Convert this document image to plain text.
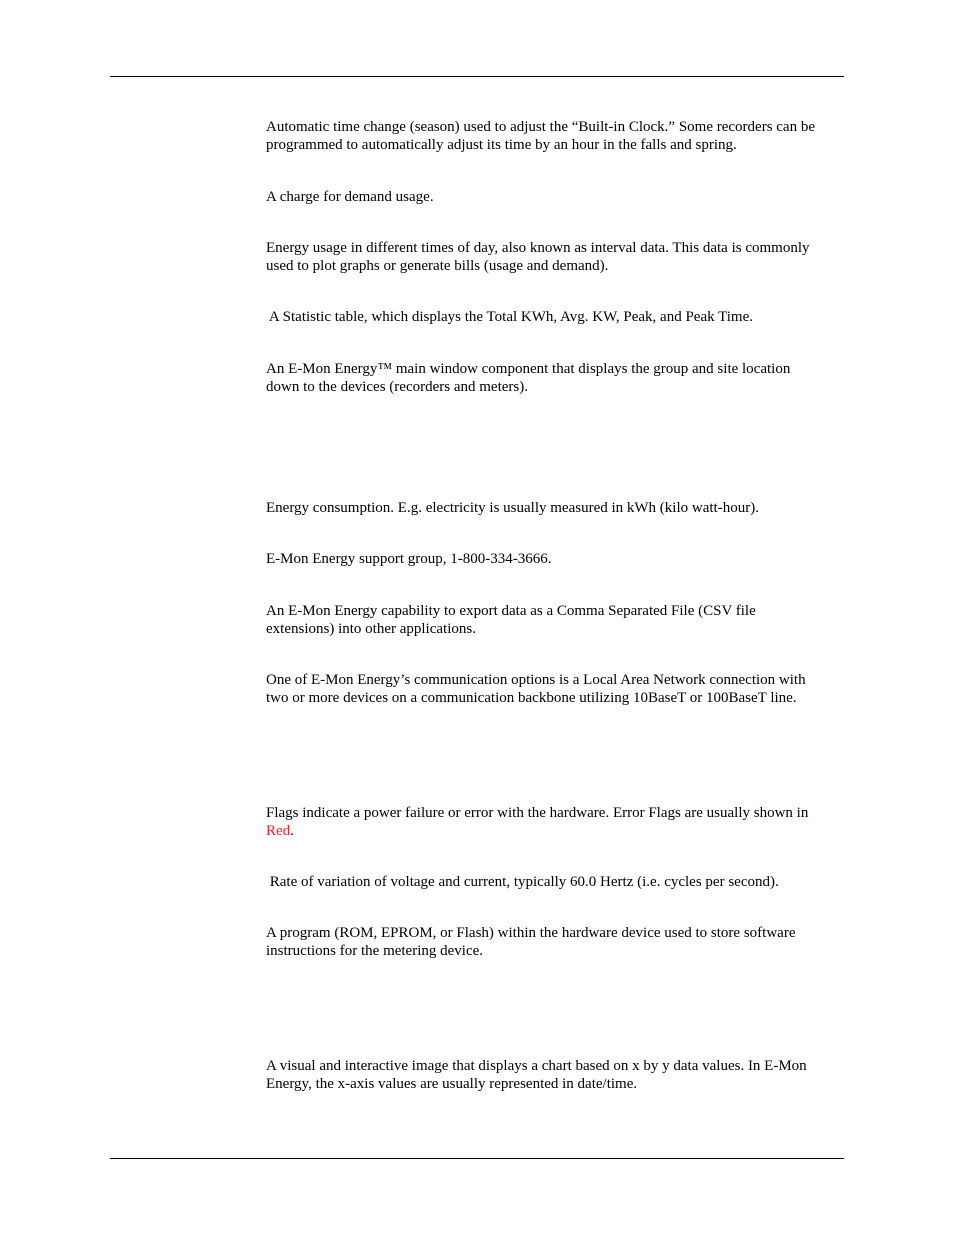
Automatic time change (season) used to adjust the “Built-in Clock.” Some recorders can be
programmed to automatically adjust its time by an hour in the falls and spring.
A charge for demand usage.
Energy usage in different times of day, also known as interval data. This data is commonly
used to plot graphs or generate bills (usage and demand).
A Statistic table, which displays the Total KWh, Avg. KW, Peak, and Peak Time.
An E-Mon Energy™ main window component that displays the group and site location
down to the devices (recorders and meters).
Energy consumption. E.g. electricity is usually measured in kWh (kilo watt-hour).
E-Mon Energy support group, 1-800-334-3666.
An E-Mon Energy capability to export data as a Comma Separated File (CSV file
extensions) into other applications.
One of E-Mon Energy’s communication options is a Local Area Network connection with
two or more devices on a communication backbone utilizing 10BaseT or 100BaseT line.
Flags indicate a power failure or error with the hardware. Error Flags are usually shown in
Red.
Rate of variation of voltage and current, typically 60.0 Hertz (i.e. cycles per second).
A program (ROM, EPROM, or Flash) within the hardware device used to store software
instructions for the metering device.
A visual and interactive image that displays a chart based on x by y data values. In E-Mon
Energy, the x-axis values are usually represented in date/time.
